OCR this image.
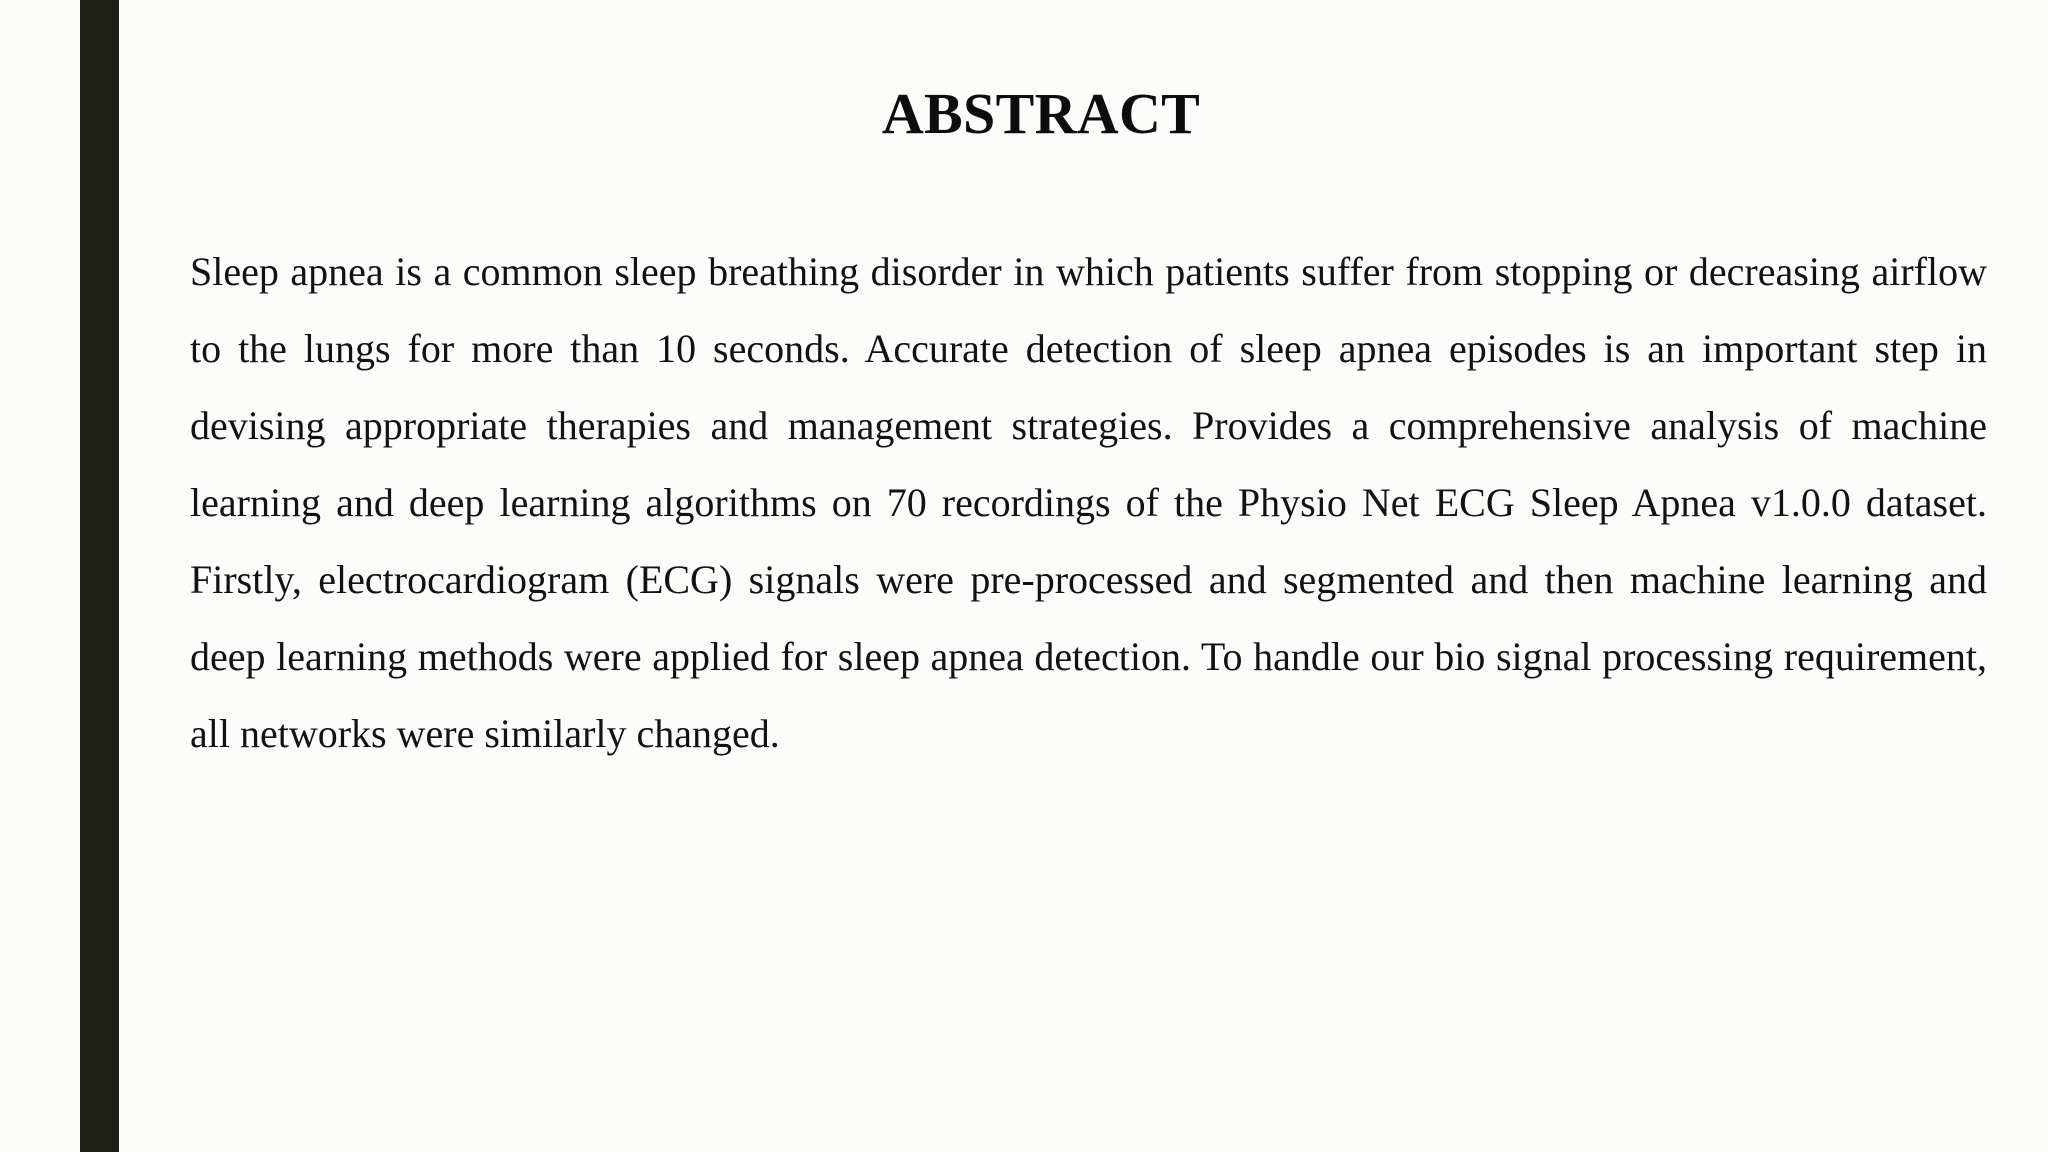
ABSTRACT

Sleep apnea is a common sleep breathing disorder in which patients suffer from stopping or decreasing airflow to the lungs for more than 10 seconds. Accurate detection of sleep apnea episodes is an important step in devising appropriate therapies and management strategies. Provides a comprehensive analysis of machine learning and deep learning algorithms on 70 recordings of the Physio Net ECG Sleep Apnea v1.0.0 dataset. Firstly, electrocardiogram (ECG) signals were pre-processed and segmented and then machine learning and deep learning methods were applied for sleep apnea detection. To handle our bio signal processing requirement, all networks were similarly changed.
